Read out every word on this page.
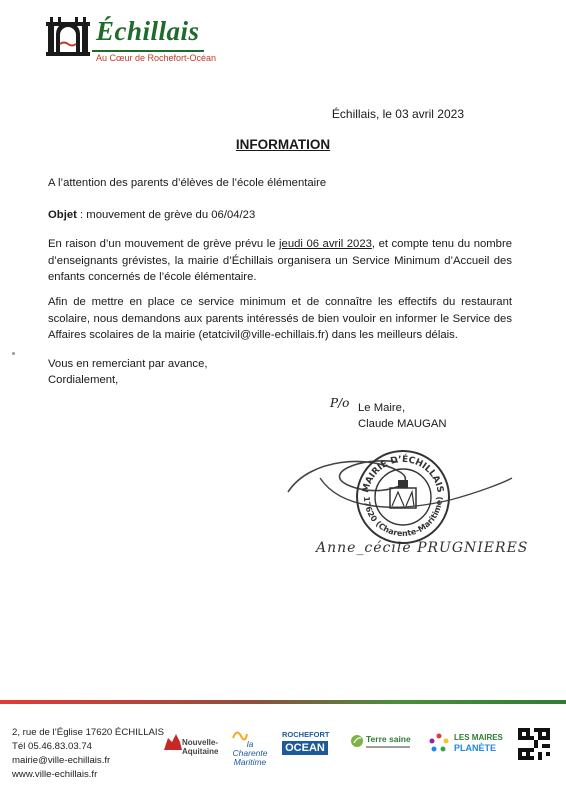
Échillais
Au Cœur de Rochefort-Océan
Échillais, le 03 avril 2023
INFORMATION
A l’attention des parents d’élèves de l’école élémentaire
Objet : mouvement de grève du 06/04/23
En raison d’un mouvement de grève prévu le jeudi 06 avril 2023, et compte tenu du nombre d’enseignants grévistes, la mairie d’Échillais organisera un Service Minimum d’Accueil des enfants concernés de l’école élémentaire.
Afin de mettre en place ce service minimum et de connaître les effectifs du restaurant scolaire, nous demandons aux parents intéressés de bien vouloir en informer le Service des Affaires scolaires de la mairie (etatcivil@ville-echillais.fr) dans les meilleurs délais.
Vous en remerciant par avance,
Cordialement,
P/o Le Maire,
Claude MAUGAN
MAIRIE D’ÉCHILLAIS
17620 (Charente-Maritime)
Anne_cécile PRUGNIERES
2, rue de l’Église 17620 ÉCHILLAIS
Tél 05.46.83.03.74
mairie@ville-echillais.fr
www.ville-echillais.fr
Nouvelle-Aquitaine
la Charente Maritime
ROCHEFORT
OCEAN
Terre saine	LES MAIRES
PLANÈTE
